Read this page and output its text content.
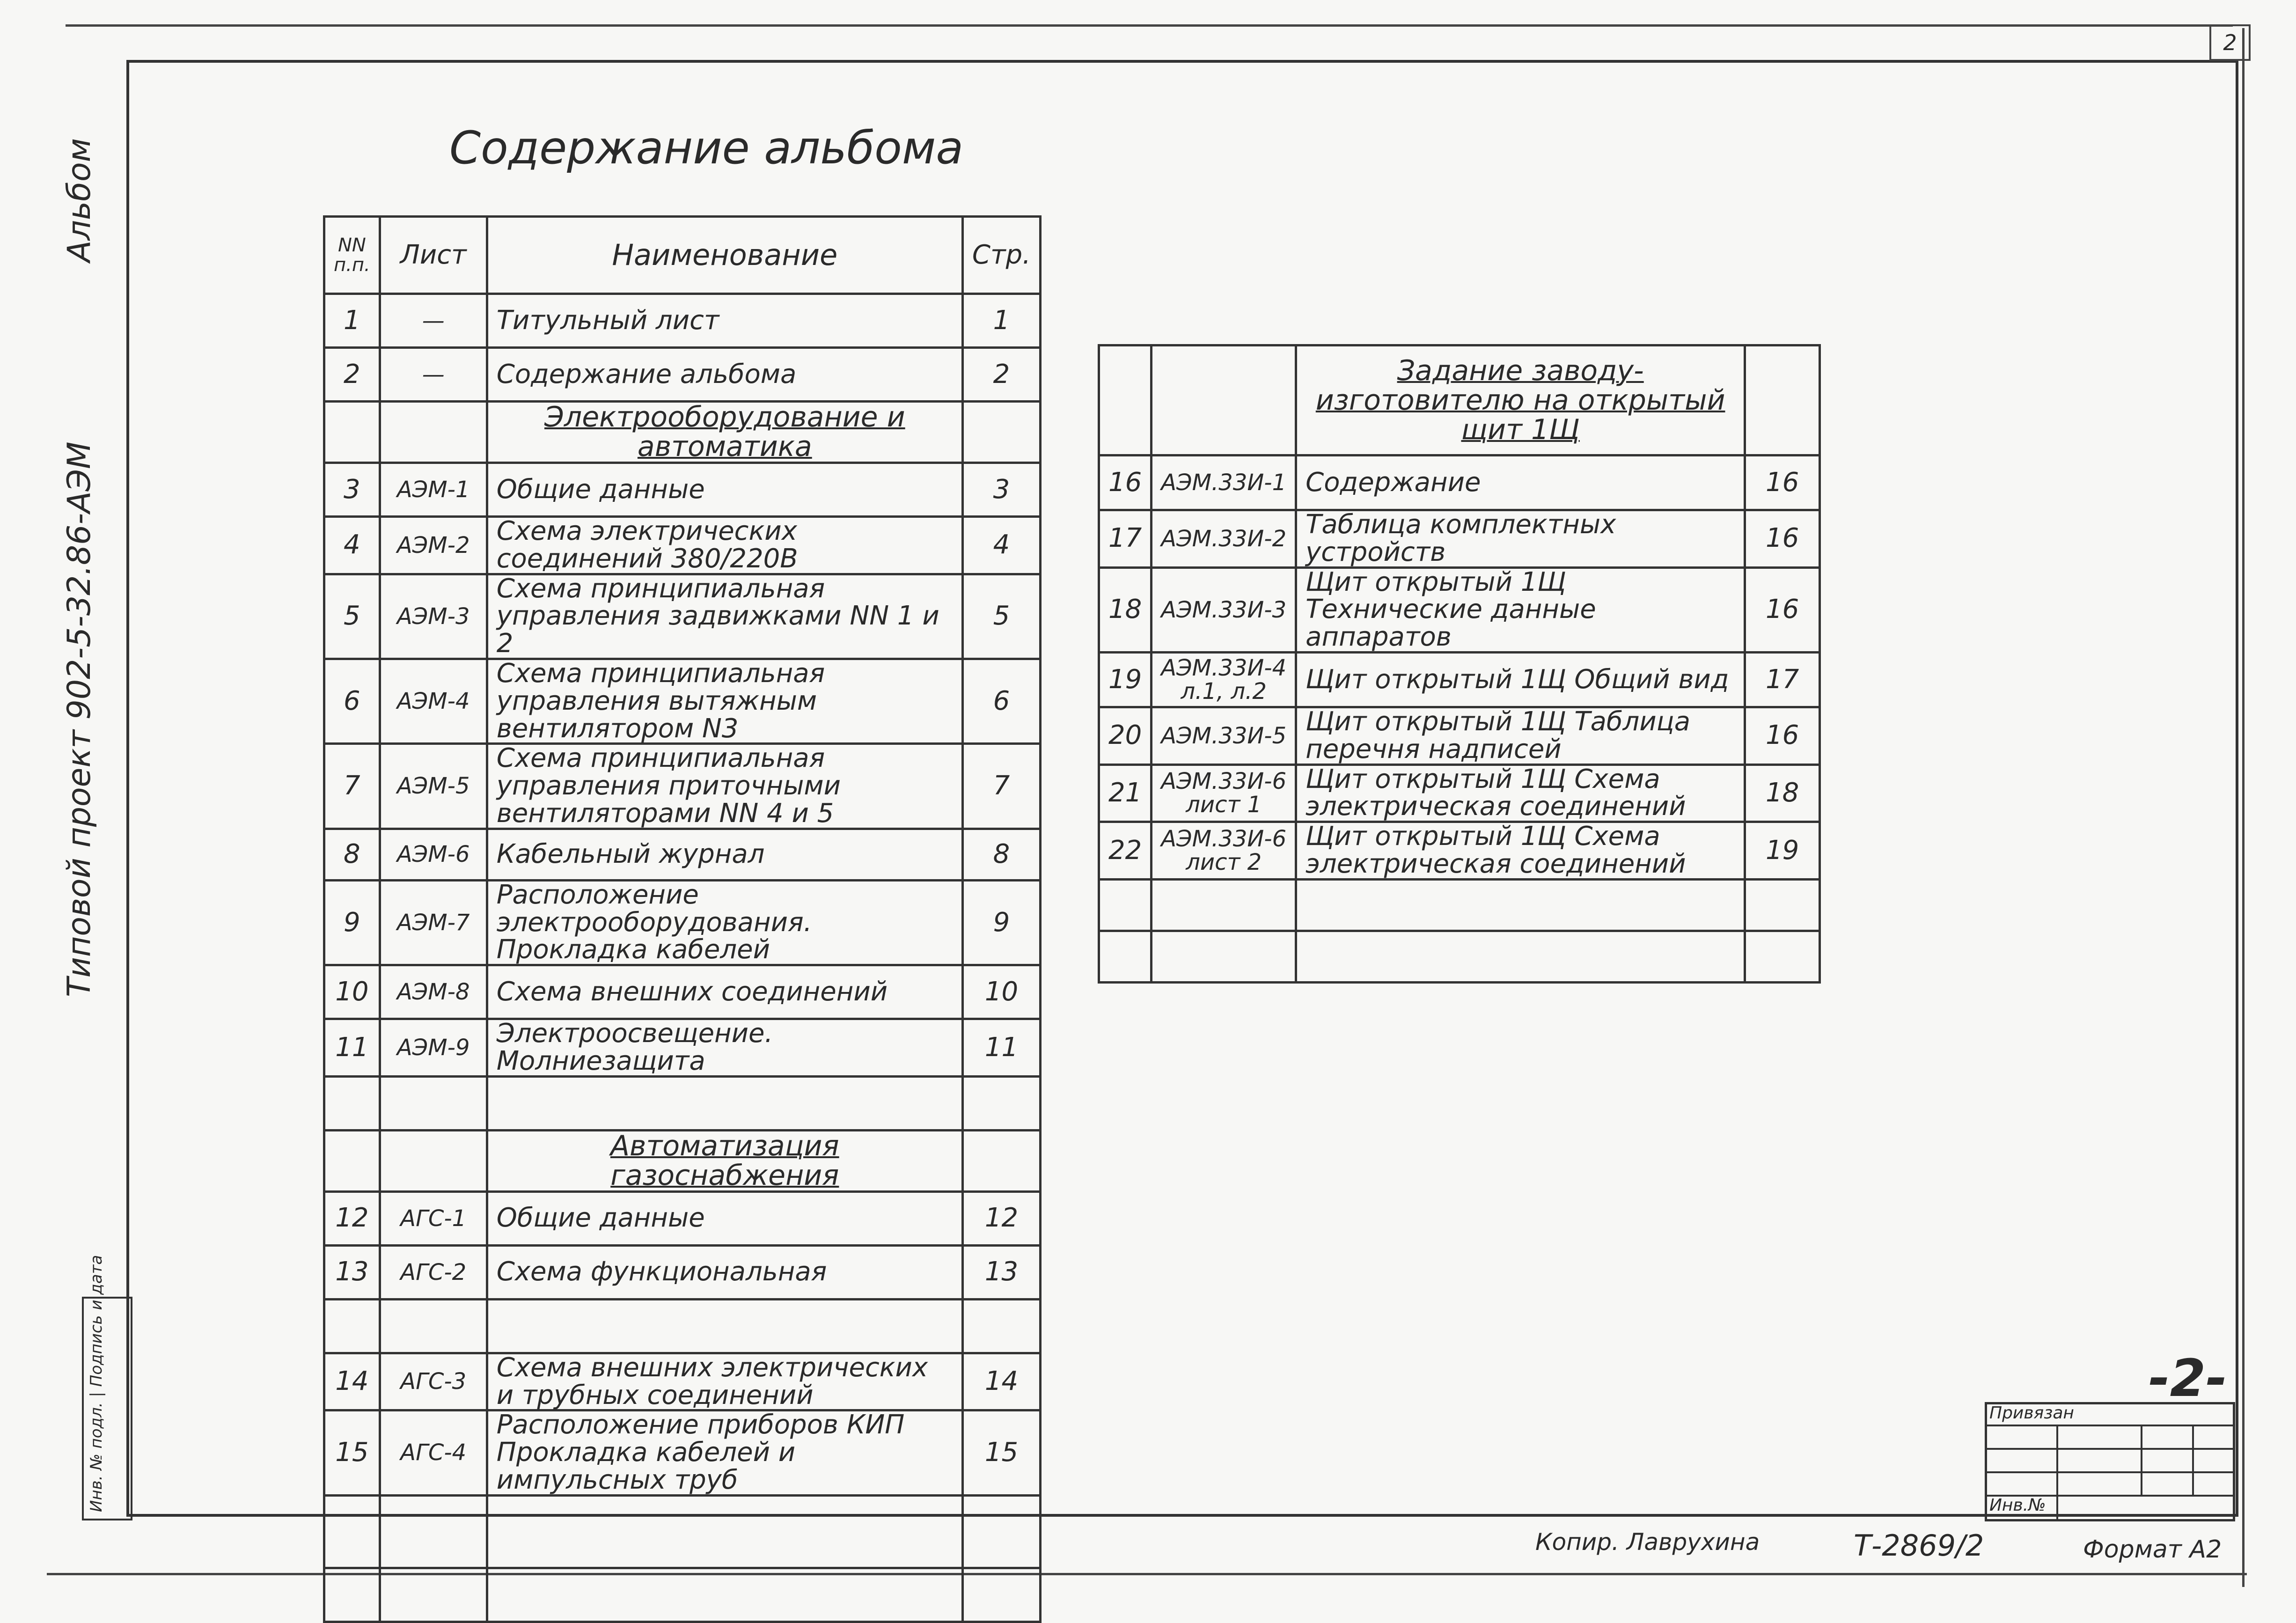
2
Альбом
Типовой проект 902-5-32.86-АЭМ
Содержание альбома
NN п.п.	Лист	Наименование	Стр.
1	—	Титульный лист	1
2	—	Содержание альбома	2
		Электрооборудование и автоматика	
3	АЭМ-1	Общие данные	3
4	АЭМ-2	Схема электрических соединений 380/220В	4
5	АЭМ-3	Схема принципиальная управления задвижками NN 1 и 2	5
6	АЭМ-4	Схема принципиальная управления вытяжным вентилятором N3	6
7	АЭМ-5	Схема принципиальная управления приточными вентиляторами NN 4 и 5	7
8	АЭМ-6	Кабельный журнал	8
9	АЭМ-7	Расположение электрооборудования. Прокладка кабелей	9
10	АЭМ-8	Схема внешних соединений	10
11	АЭМ-9	Электроосвещение. Молниезащита	11

		Автоматизация газоснабжения	
12	АГС-1	Общие данные	12
13	АГС-2	Схема функциональная	13

14	АГС-3	Схема внешних электрических и трубных соединений	14
15	АГС-4	Расположение приборов КИП Прокладка кабелей и импульсных труб	15

		Задание заводу-изготовителю на открытый щит 1Щ	
16	АЭМ.33И-1	Содержание	16
17	АЭМ.33И-2	Таблица комплектных устройств	16
18	АЭМ.33И-3	Щит открытый 1Щ Технические данные аппаратов	16
19	АЭМ.33И-4 л.1, л.2	Щит открытый 1Щ Общий вид	17
20	АЭМ.33И-5	Щит открытый 1Щ Таблица перечня надписей	16
21	АЭМ.33И-6 лист 1	Щит открытый 1Щ Схема электрическая соединений	18
22	АЭМ.33И-6 лист 2	Щит открытый 1Щ Схема электрическая соединений	19

Инв. № подл. | Подпись и дата	-2-
Привязан
Инв.№
Копир. Лаврухина	Т-2869/2	Формат А2
